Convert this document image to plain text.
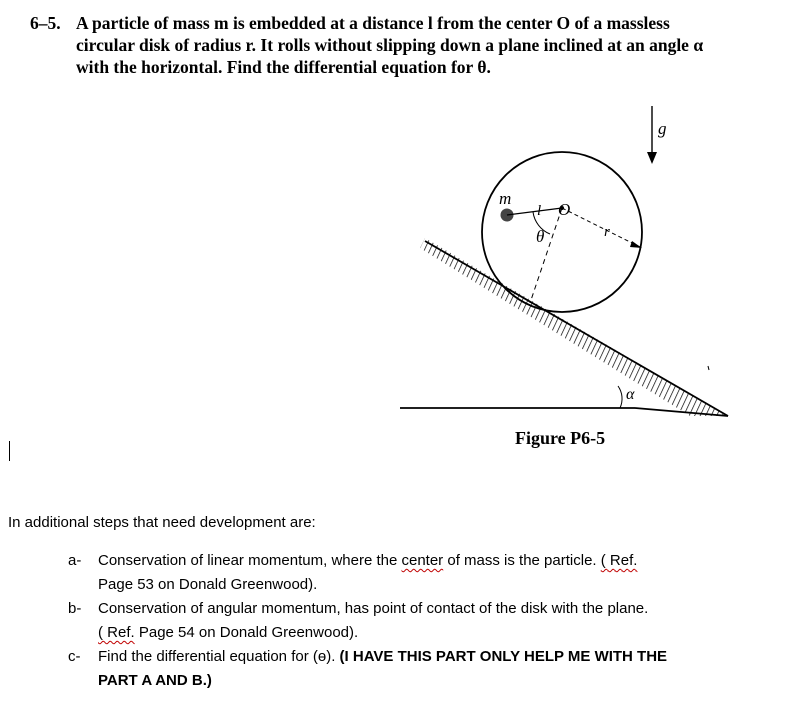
6–5. A particle of mass m is embedded at a distance l from the center O of a massless
circular disk of radius r. It rolls without slipping down a plane inclined at an angle α
with the horizontal. Find the differential equation for θ.
m
l O
θ	r
g
α
Figure P6-5
In additional steps that need development are:
a- Conservation of linear momentum, where the center of mass is the particle. ( Ref.
Page 53 on Donald Greenwood).
b- Conservation of angular momentum, has point of contact of the disk with the plane.
( Ref. Page 54 on Donald Greenwood).
c- Find the differential equation for (ɵ). (I HAVE THIS PART ONLY HELP ME WITH THE
PART A AND B.)
